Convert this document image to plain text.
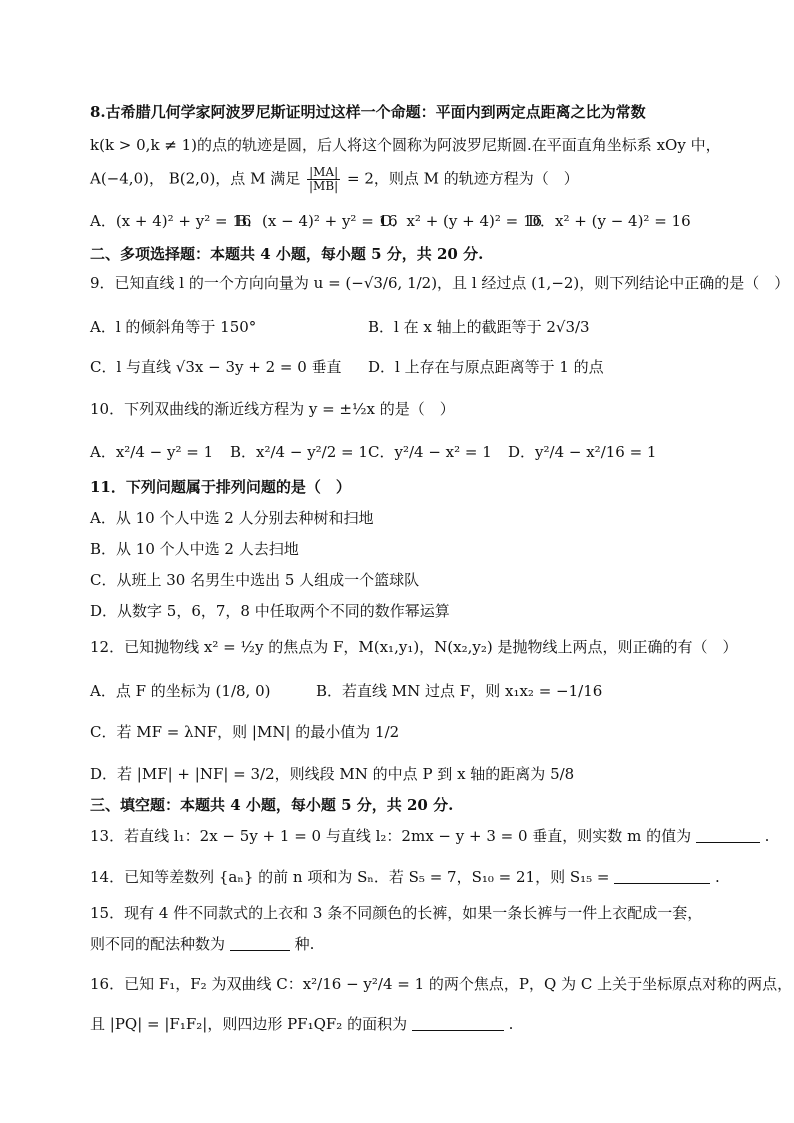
8.古希腊几何学家阿波罗尼斯证明过这样一个命题：平面内到两定点距离之比为常数
k(k > 0,k ≠ 1)的点的轨迹是圆，后人将这个圆称为阿波罗尼斯圆.在平面直角坐标系 xOy 中，
A(−4,0)， B(2,0)，点 M 满足 $\frac{|MA|}{|MB|} = 2$，则点 M 的轨迹方程为（　）
A．(x + 4)² + y² = 16
B．(x − 4)² + y² = 16
C．x² + (y + 4)² = 16
D．x² + (y − 4)² = 16
二、多项选择题：本题共 4 小题，每小题 5 分，共 20 分.
9．已知直线 l 的一个方向向量为 u = (−√3/6, 1/2)，且 l 经过点 (1,−2)，则下列结论中正确的是（　）
A．l 的倾斜角等于 150°	B．l 在 x 轴上的截距等于 2√3/3
C．l 与直线 √3x − 3y + 2 = 0 垂直 D．l 上存在与原点距离等于 1 的点
10．下列双曲线的渐近线方程为 y = ±½x 的是（　）
A．x²/4 − y² = 1 B．x²/4 − y²/2 = 1 C．y²/4 − x² = 1 D．y²/4 − x²/16 = 1
11．下列问题属于排列问题的是（　）
A．从 10 个人中选 2 人分别去种树和扫地
B．从 10 个人中选 2 人去扫地
C．从班上 30 名男生中选出 5 人组成一个篮球队
D．从数字 5，6，7，8 中任取两个不同的数作幂运算
12．已知抛物线 x² = ½y 的焦点为 F，M(x₁,y₁)，N(x₂,y₂) 是抛物线上两点，则正确的有（　）
A．点 F 的坐标为 (1/8, 0)	B．若直线 MN 过点 F，则 x₁x₂ = −1/16
C．若 MF = λNF，则 |MN| 的最小值为 1/2
D．若 |MF| + |NF| = 3/2，则线段 MN 的中点 P 到 x 轴的距离为 5/8
三、填空题：本题共 4 小题，每小题 5 分，共 20 分.
13．若直线 l₁：2x − 5y + 1 = 0 与直线 l₂：2mx − y + 3 = 0 垂直，则实数 m 的值为	.
14．已知等差数列 {aₙ} 的前 n 项和为 Sₙ．若 S₅ = 7，S₁₀ = 21，则 S₁₅ =	.
15．现有 4 件不同款式的上衣和 3 条不同颜色的长裤，如果一条长裤与一件上衣配成一套，
则不同的配法种数为	种.
16．已知 F₁，F₂ 为双曲线 C：x²/16 − y²/4 = 1 的两个焦点，P，Q 为 C 上关于坐标原点对称的两点，
且 |PQ| = |F₁F₂|，则四边形 PF₁QF₂ 的面积为	.
